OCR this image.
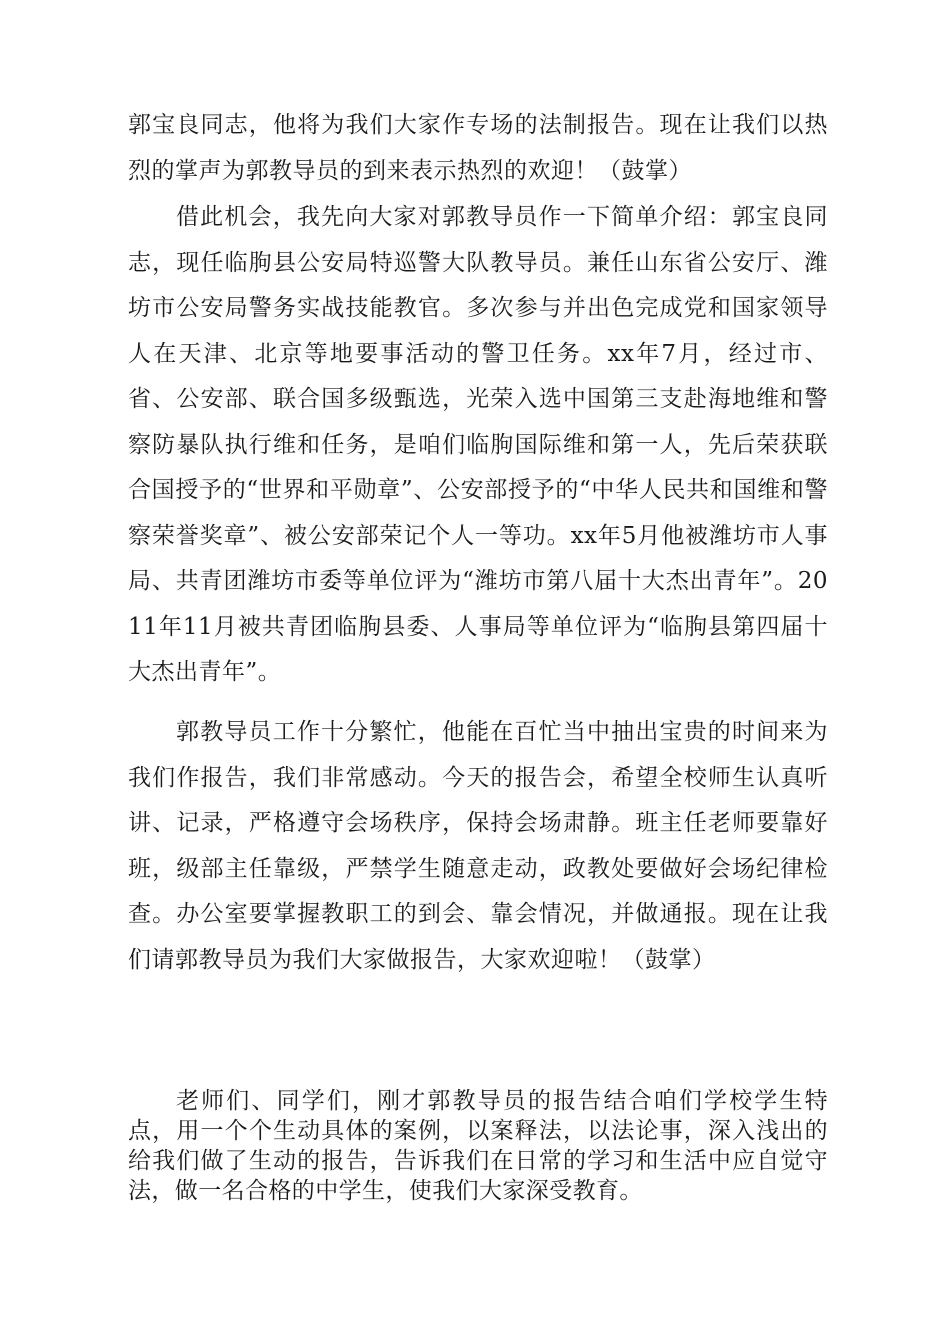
郭宝良同志，他将为我们大家作专场的法制报告。现在让我们以热烈的掌声为郭教导员的到来表示热烈的欢迎！（鼓掌）

借此机会，我先向大家对郭教导员作一下简单介绍：郭宝良同志，现任临朐县公安局特巡警大队教导员。兼任山东省公安厅、潍坊市公安局警务实战技能教官。多次参与并出色完成党和国家领导人在天津、北京等地要事活动的警卫任务。xx年7月，经过市、省、公安部、联合国多级甄选，光荣入选中国第三支赴海地维和警察防暴队执行维和任务，是咱们临朐国际维和第一人，先后荣获联合国授予的“世界和平勋章”、公安部授予的“中华人民共和国维和警察荣誉奖章”、被公安部荣记个人一等功。xx年5月他被潍坊市人事局、共青团潍坊市委等单位评为“潍坊市第八届十大杰出青年”。2011年11月被共青团临朐县委、人事局等单位评为“临朐县第四届十大杰出青年”。

郭教导员工作十分繁忙，他能在百忙当中抽出宝贵的时间来为我们作报告，我们非常感动。今天的报告会，希望全校师生认真听讲、记录，严格遵守会场秩序，保持会场肃静。班主任老师要靠好班，级部主任靠级，严禁学生随意走动，政教处要做好会场纪律检查。办公室要掌握教职工的到会、靠会情况，并做通报。现在让我们请郭教导员为我们大家做报告，大家欢迎啦！（鼓掌）

老师们、同学们，刚才郭教导员的报告结合咱们学校学生特点，用一个个生动具体的案例，以案释法，以法论事，深入浅出的给我们做了生动的报告，告诉我们在日常的学习和生活中应自觉守法，做一名合格的中学生，使我们大家深受教育。
